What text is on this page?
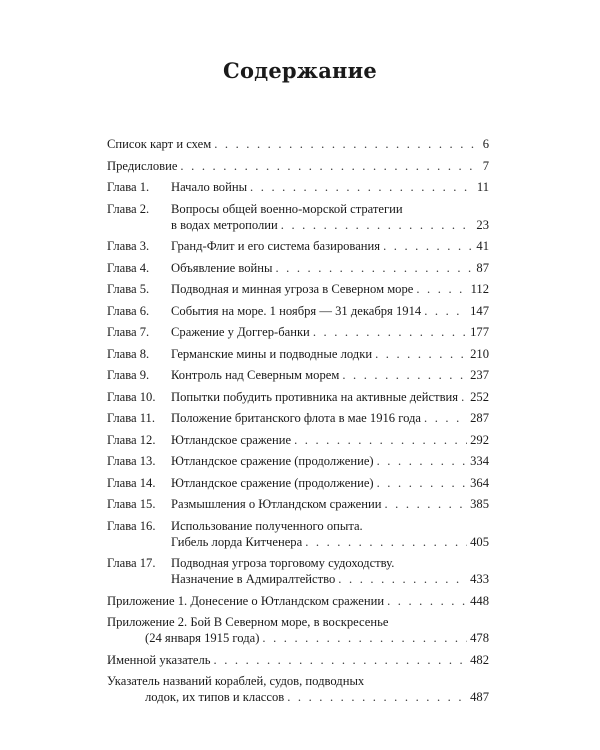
Содержание
Список карт и схем . . .	6
Предисловие . . .	7
Глава 1.	Начало войны . . .	11
Глава 2.	Вопросы общей военно-морской стратегии
в водах метрополии . . .	23
Глава 3.	Гранд-Флит и его система базирования . . .	41
Глава 4.	Объявление войны . . .	87
Глава 5.	Подводная и минная угроза в Северном море . . .	112
Глава 6.	События на море. 1 ноября — 31 декабря 1914 . . .	147
Глава 7.	Сражение у Доггер-банки . . .	177
Глава 8.	Германские мины и подводные лодки . . .	210
Глава 9.	Контроль над Северным морем . . .	237
Глава 10.	Попытки побудить противника на активные действия . . . 252
Глава 11.	Положение британского флота в мае 1916 года . . .	287
Глава 12.	Ютландское сражение . . .	292
Глава 13.	Ютландское сражение (продолжение) . . .	334
Глава 14.	Ютландское сражение (продолжение) . . .	364
Глава 15.	Размышления о Ютландском сражении . . .	385
Глава 16.	Использование полученного опыта.
Гибель лорда Китченера . . .	405
Глава 17.	Подводная угроза торговому судоходству.
Назначение в Адмиралтейство . . .	433
Приложение 1. Донесение о Ютландском сражении . . .	448
Приложение 2. Бой В Северном море, в воскресенье
(24 января 1915 года) . . .	478
Именной указатель . . .	482
Указатель названий кораблей, судов, подводных
лодок, их типов и классов . . .	487
